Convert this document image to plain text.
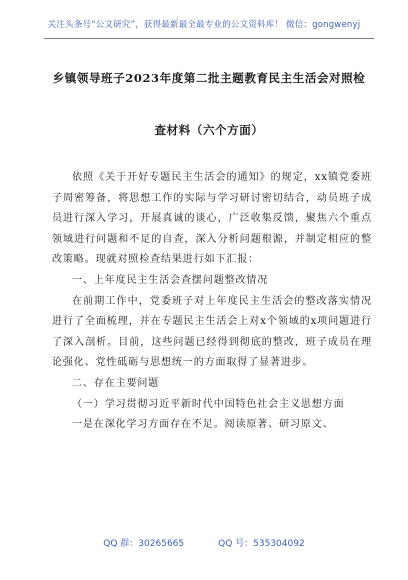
关注头条号“公文研究”，获得最新最全最专业的公文资料库！ 微信：gongwenyj
乡镇领导班子2023年度第二批主题教育民主生活会对照检
查材料（六个方面）

依照《关于开好专题民主生活会的通知》的规定，xx镇党委班子周密筹备，将思想工作的实际与学习研讨密切结合，动员班子成员进行深入学习，开展真诚的谈心，广泛收集反馈，聚焦六个重点领域进行问题和不足的自查，深入分析问题根源，并制定相应的整改策略。现就对照检查结果进行如下汇报：

一、上年度民主生活会查摆问题整改情况

在前期工作中，党委班子对上年度民主生活会的整改落实情况进行了全面梳理，并在专题民主生活会上对x个领域的x项问题进行了深入剖析。目前，这些问题已经得到彻底的整改，班子成员在理论强化、党性砥砺与思想统一的方面取得了显著进步。

二、存在主要问题

（一）学习贯彻习近平新时代中国特色社会主义思想方面

一是在深化学习方面存在不足。阅读原著、研习原文、

QQ 群：30265665	QQ 号：535304092
